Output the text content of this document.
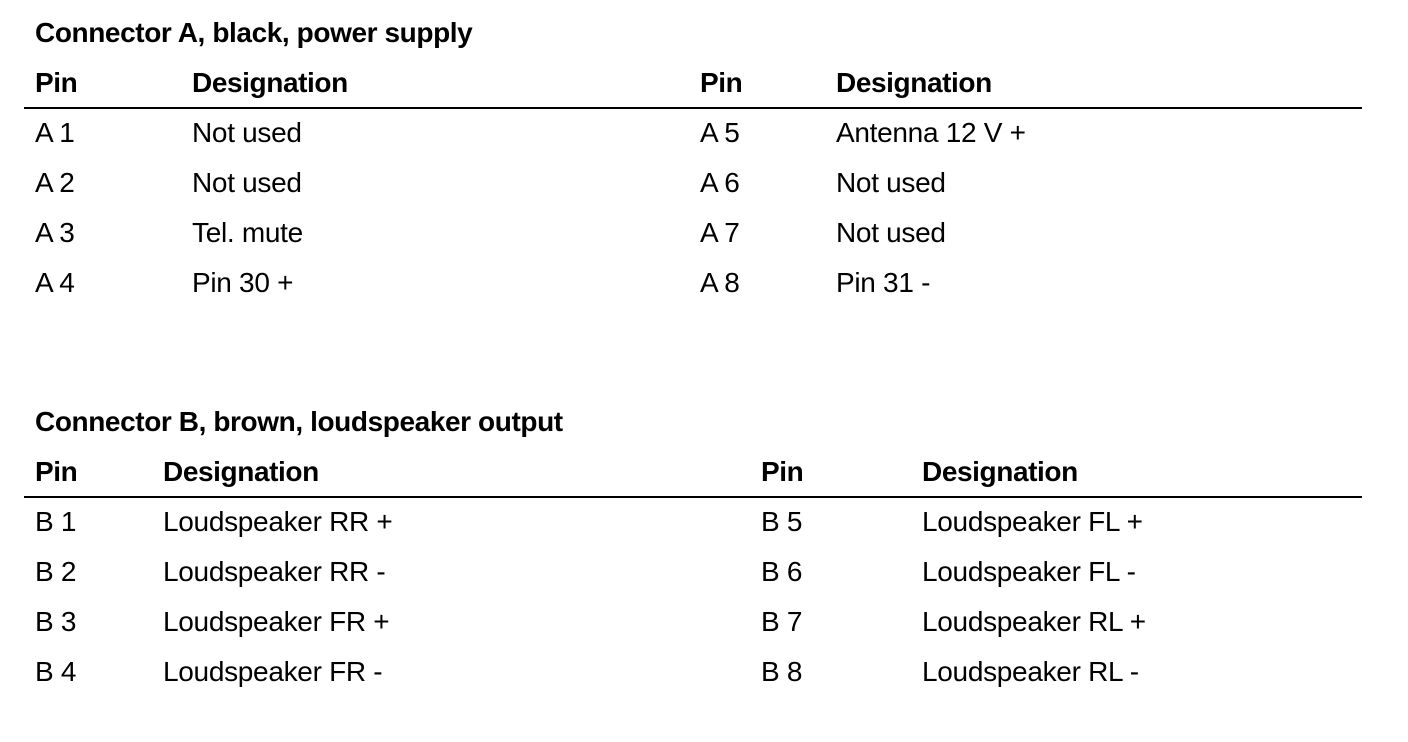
Connector A, black, power supply
Pin	Designation	Pin	Designation
A 1	Not used	A 5	Antenna 12 V +
A 2	Not used	A 6	Not used
A 3	Tel. mute	A 7	Not used
A 4	Pin 30 +	A 8	Pin 31 -
Connector B, brown, loudspeaker output
Pin	Designation	Pin	Designation
B 1	Loudspeaker RR +	B 5	Loudspeaker FL +
B 2	Loudspeaker RR -	B 6	Loudspeaker FL -
B 3	Loudspeaker FR +	B 7	Loudspeaker RL +
B 4	Loudspeaker FR -	B 8	Loudspeaker RL -
